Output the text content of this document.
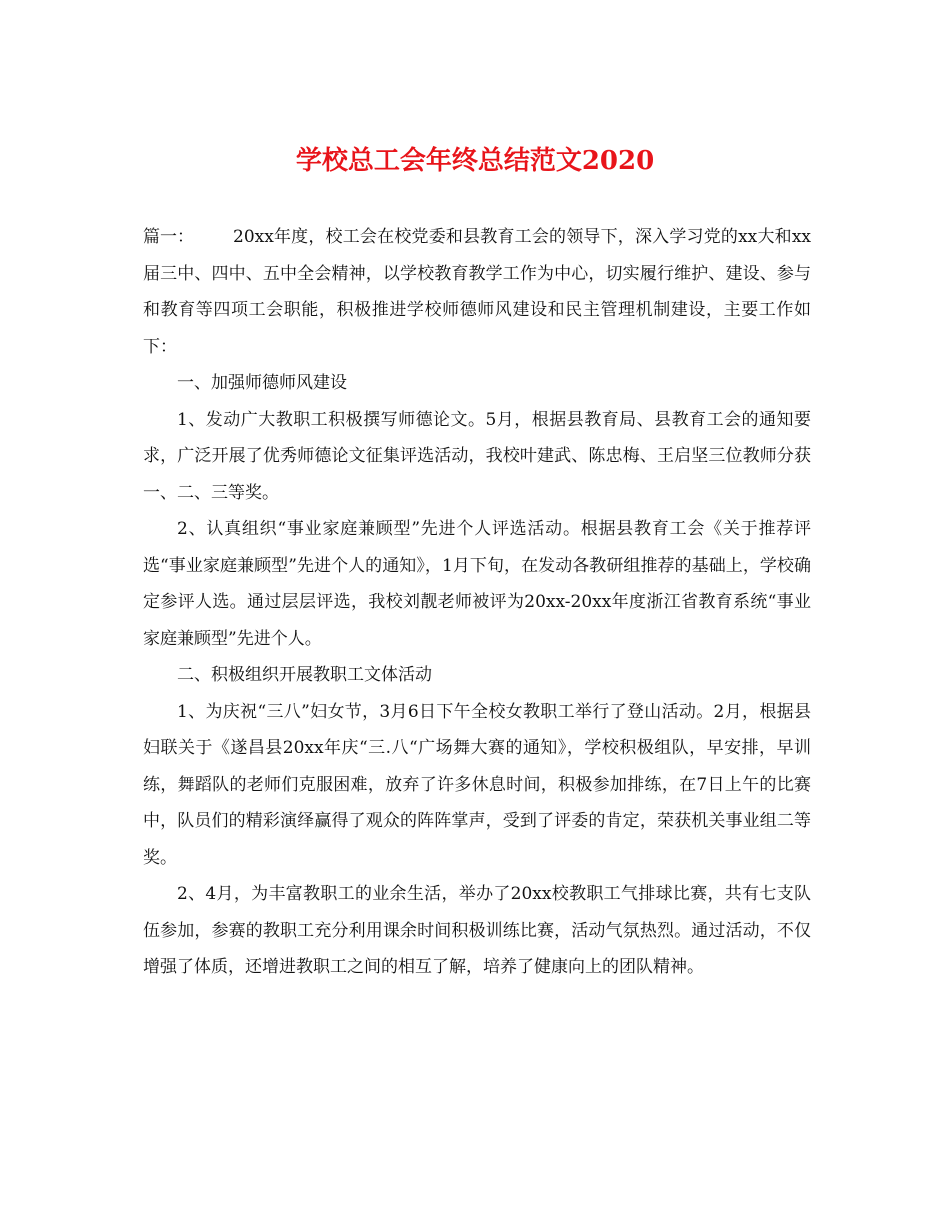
学校总工会年终总结范文2020

篇一： 20xx年度，校工会在校党委和县教育工会的领导下，深入学习党的xx大和xx届三中、四中、五中全会精神，以学校教育教学工作为中心，切实履行维护、建设、参与和教育等四项工会职能，积极推进学校师德师风建设和民主管理机制建设，主要工作如下：

一、加强师德师风建设

1、发动广大教职工积极撰写师德论文。5月，根据县教育局、县教育工会的通知要求，广泛开展了优秀师德论文征集评选活动，我校叶建武、陈忠梅、王启坚三位教师分获一、二、三等奖。

2、认真组织“事业家庭兼顾型”先进个人评选活动。根据县教育工会《关于推荐评选“事业家庭兼顾型”先进个人的通知》，1月下旬，在发动各教研组推荐的基础上，学校确定参评人选。通过层层评选，我校刘靓老师被评为20xx-20xx年度浙江省教育系统“事业家庭兼顾型”先进个人。

二、积极组织开展教职工文体活动

1、为庆祝“三八”妇女节，3月6日下午全校女教职工举行了登山活动。2月，根据县妇联关于《遂昌县20xx年庆“三.八“广场舞大赛的通知》，学校积极组队，早安排，早训练，舞蹈队的老师们克服困难，放弃了许多休息时间，积极参加排练，在7日上午的比赛中，队员们的精彩演绎赢得了观众的阵阵掌声，受到了评委的肯定，荣获机关事业组二等奖。

2、4月，为丰富教职工的业余生活，举办了20xx校教职工气排球比赛，共有七支队伍参加，参赛的教职工充分利用课余时间积极训练比赛，活动气氛热烈。通过活动，不仅增强了体质，还增进教职工之间的相互了解，培养了健康向上的团队精神。
